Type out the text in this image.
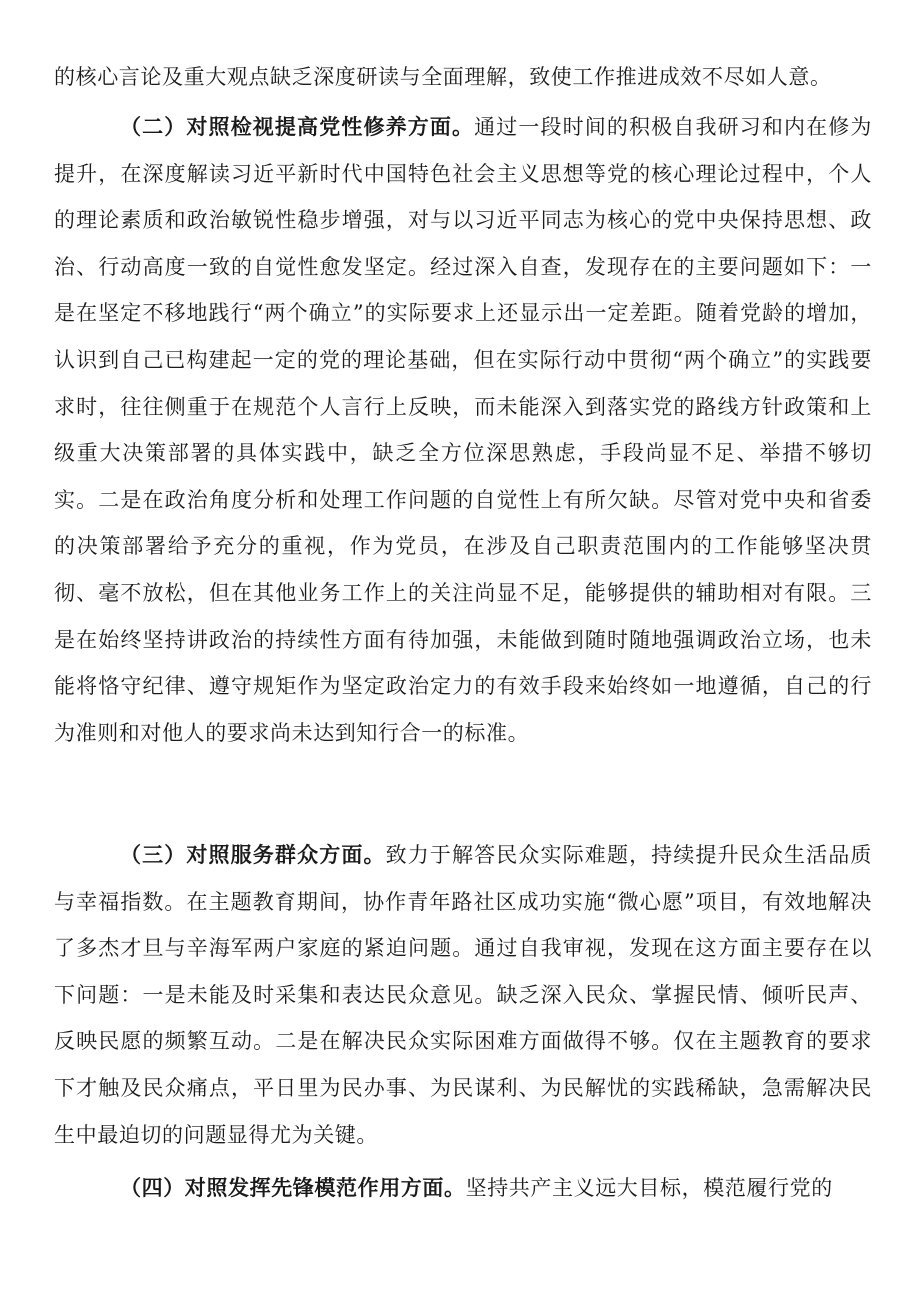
的核心言论及重大观点缺乏深度研读与全面理解，致使工作推进成效不尽如人意。

（二）对照检视提高党性修养方面。通过一段时间的积极自我研习和内在修为提升，在深度解读习近平新时代中国特色社会主义思想等党的核心理论过程中，个人的理论素质和政治敏锐性稳步增强，对与以习近平同志为核心的党中央保持思想、政治、行动高度一致的自觉性愈发坚定。经过深入自查，发现存在的主要问题如下：一是在坚定不移地践行“两个确立”的实际要求上还显示出一定差距。随着党龄的增加，认识到自己已构建起一定的党的理论基础，但在实际行动中贯彻“两个确立”的实践要求时，往往侧重于在规范个人言行上反映，而未能深入到落实党的路线方针政策和上级重大决策部署的具体实践中，缺乏全方位深思熟虑，手段尚显不足、举措不够切实。二是在政治角度分析和处理工作问题的自觉性上有所欠缺。尽管对党中央和省委的决策部署给予充分的重视，作为党员，在涉及自己职责范围内的工作能够坚决贯彻、毫不放松，但在其他业务工作上的关注尚显不足，能够提供的辅助相对有限。三是在始终坚持讲政治的持续性方面有待加强，未能做到随时随地强调政治立场，也未能将恪守纪律、遵守规矩作为坚定政治定力的有效手段来始终如一地遵循，自己的行为准则和对他人的要求尚未达到知行合一的标准。

（三）对照服务群众方面。致力于解答民众实际难题，持续提升民众生活品质与幸福指数。在主题教育期间，协作青年路社区成功实施“微心愿”项目，有效地解决了多杰才旦与辛海军两户家庭的紧迫问题。通过自我审视，发现在这方面主要存在以下问题：一是未能及时采集和表达民众意见。缺乏深入民众、掌握民情、倾听民声、反映民愿的频繁互动。二是在解决民众实际困难方面做得不够。仅在主题教育的要求下才触及民众痛点，平日里为民办事、为民谋利、为民解忧的实践稀缺，急需解决民生中最迫切的问题显得尤为关键。

（四）对照发挥先锋模范作用方面。坚持共产主义远大目标，模范履行党的
